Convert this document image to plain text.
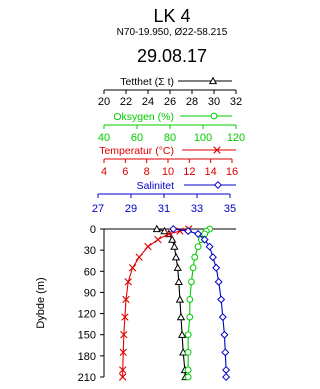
LK 4
N70-19.950, Ø22-58.215
29.08.17
Tetthet (Σ t)
20 22 24 26 28 30 32
Oksygen (%)
40 60 80 100 120
Temperatur (°C)
4 6 8 10 12 14 16
Salinitet
27 29 31 33 35
0
30
60
90
120
150
180
210
Dybde (m)
